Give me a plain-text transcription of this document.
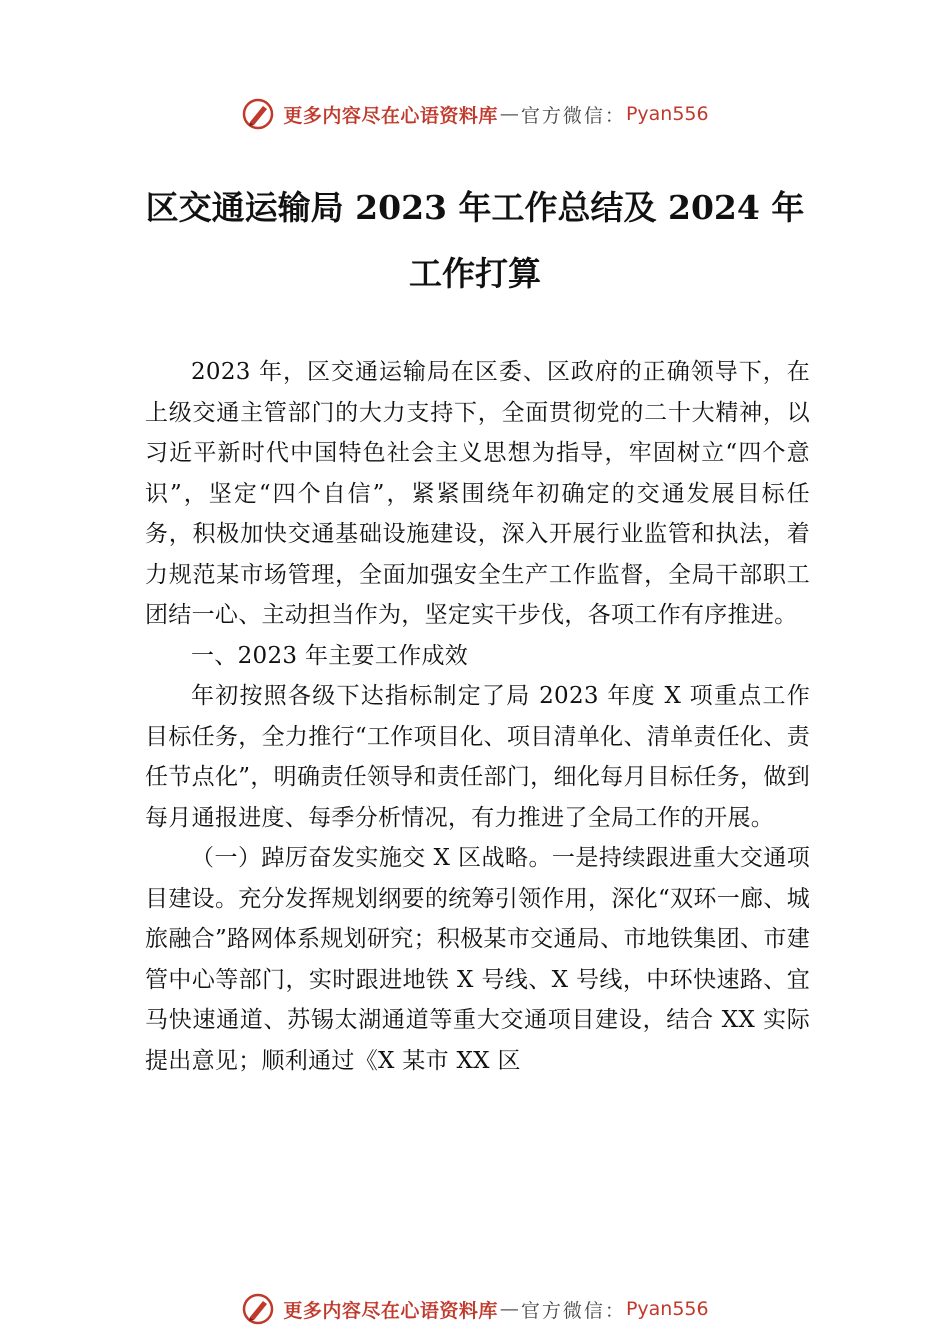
更多内容尽在心语资料库 — 官方微信： Pyan556
区交通运输局 2023 年工作总结及 2024 年
工作打算

2023 年，区交通运输局在区委、区政府的正确领导下，在上级交通主管部门的大力支持下，全面贯彻党的二十大精神，以习近平新时代中国特色社会主义思想为指导，牢固树立“四个意识”，坚定“四个自信”，紧紧围绕年初确定的交通发展目标任务，积极加快交通基础设施建设，深入开展行业监管和执法，着力规范某市场管理，全面加强安全生产工作监督，全局干部职工团结一心、主动担当作为，坚定实干步伐，各项工作有序推进。

一、2023 年主要工作成效

年初按照各级下达指标制定了局 2023 年度 X 项重点工作目标任务，全力推行“工作项目化、项目清单化、清单责任化、责任节点化”，明确责任领导和责任部门，细化每月目标任务，做到每月通报进度、每季分析情况，有力推进了全局工作的开展。

（一）踔厉奋发实施交 X 区战略。一是持续跟进重大交通项目建设。充分发挥规划纲要的统筹引领作用，深化“双环一廊、城旅融合”路网体系规划研究；积极某市交通局、市地铁集团、市建管中心等部门，实时跟进地铁 X 号线、X 号线，中环快速路、宜马快速通道、苏锡太湖通道等重大交通项目建设，结合 XX 实际提出意见；顺利通过《X 某市 XX 区

更多内容尽在心语资料库 — 官方微信： Pyan556
